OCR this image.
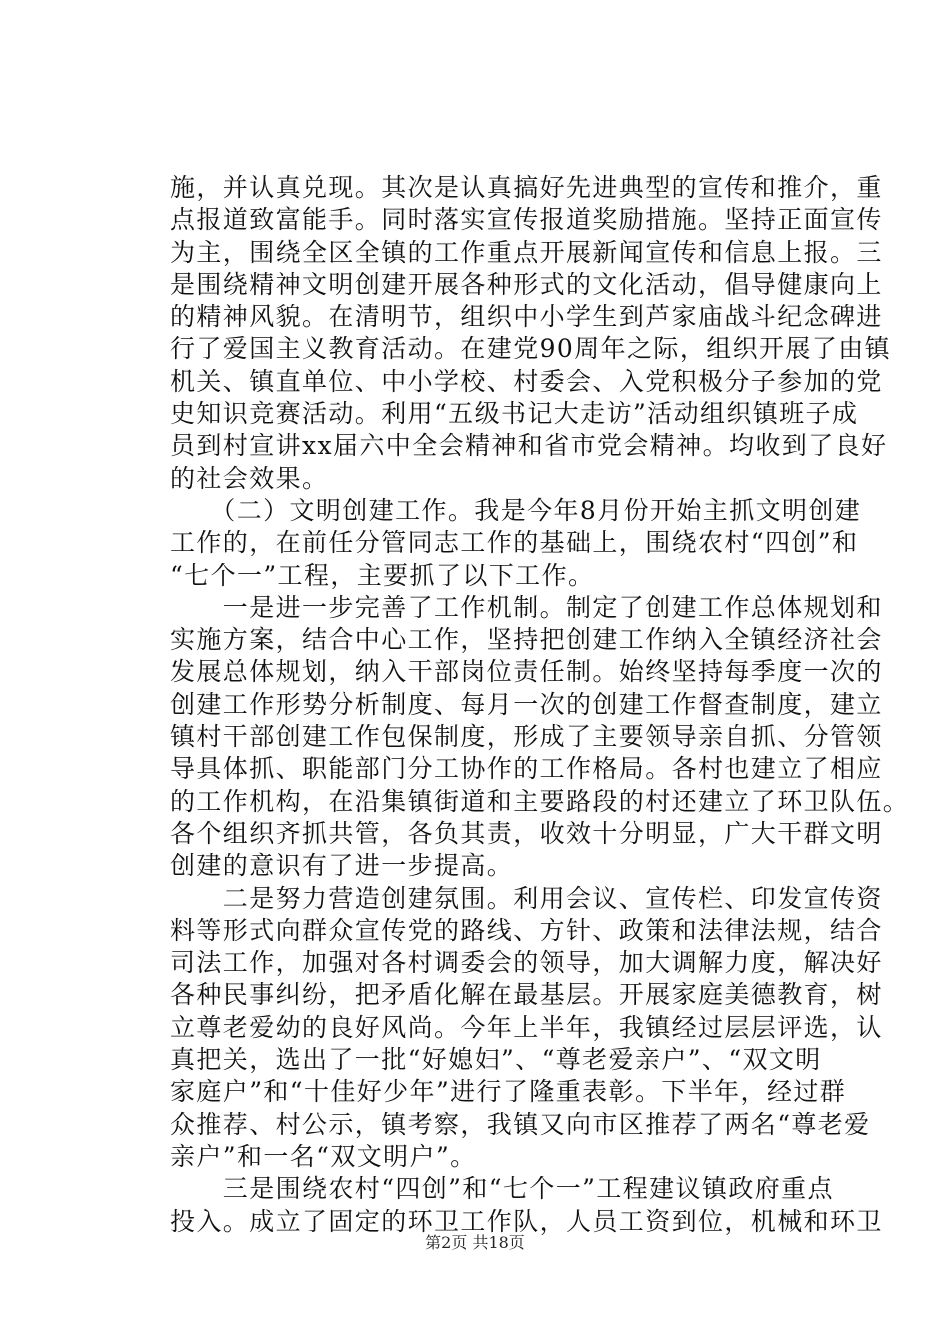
施，并认真兑现。其次是认真搞好先进典型的宣传和推介，重
点报道致富能手。同时落实宣传报道奖励措施。坚持正面宣传
为主，围绕全区全镇的工作重点开展新闻宣传和信息上报。三
是围绕精神文明创建开展各种形式的文化活动，倡导健康向上
的精神风貌。在清明节，组织中小学生到芦家庙战斗纪念碑进
行了爱国主义教育活动。在建党90周年之际，组织开展了由镇
机关、镇直单位、中小学校、村委会、入党积极分子参加的党
史知识竞赛活动。利用“五级书记大走访”活动组织镇班子成
员到村宣讲xx届六中全会精神和省市党会精神。均收到了良好
的社会效果。
　　（二）文明创建工作。我是今年8月份开始主抓文明创建
工作的，在前任分管同志工作的基础上，围绕农村“四创”和
“七个一”工程，主要抓了以下工作。
　　一是进一步完善了工作机制。制定了创建工作总体规划和
实施方案，结合中心工作，坚持把创建工作纳入全镇经济社会
发展总体规划，纳入干部岗位责任制。始终坚持每季度一次的
创建工作形势分析制度、每月一次的创建工作督查制度，建立
镇村干部创建工作包保制度，形成了主要领导亲自抓、分管领
导具体抓、职能部门分工协作的工作格局。各村也建立了相应
的工作机构，在沿集镇街道和主要路段的村还建立了环卫队伍。
各个组织齐抓共管，各负其责，收效十分明显，广大干群文明
创建的意识有了进一步提高。
　　二是努力营造创建氛围。利用会议、宣传栏、印发宣传资
料等形式向群众宣传党的路线、方针、政策和法律法规，结合
司法工作，加强对各村调委会的领导，加大调解力度，解决好
各种民事纠纷，把矛盾化解在最基层。开展家庭美德教育，树
立尊老爱幼的良好风尚。今年上半年，我镇经过层层评选，认
真把关，选出了一批“好媳妇”、“尊老爱亲户”、“双文明
家庭户”和“十佳好少年”进行了隆重表彰。下半年，经过群
众推荐、村公示，镇考察，我镇又向市区推荐了两名“尊老爱
亲户”和一名“双文明户”。
　　三是围绕农村“四创”和“七个一”工程建议镇政府重点
投入。成立了固定的环卫工作队，人员工资到位，机械和环卫
第2页 共18页
